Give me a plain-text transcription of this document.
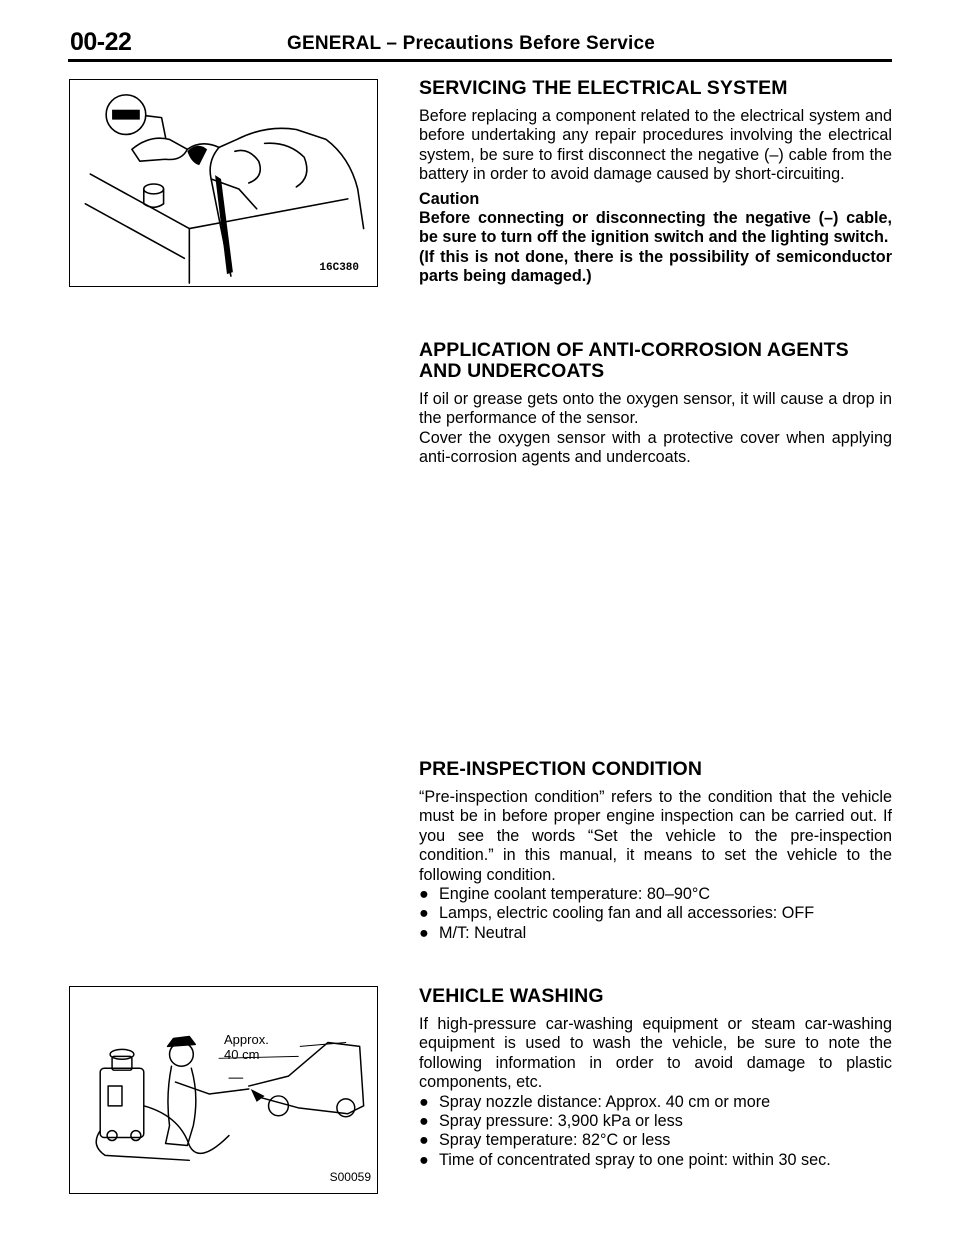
00-22	GENERAL – Precautions Before Service
16C380
Approx.
40 cm
S00059
SERVICING THE ELECTRICAL SYSTEM

Before replacing a component related to the electrical system and before undertaking any repair procedures involving the electrical system, be sure to first disconnect the negative (–) cable from the battery in order to avoid damage caused by short-circuiting.

Caution

Before connecting or disconnecting the negative (–) cable, be sure to turn off the ignition switch and the lighting switch.

(If this is not done, there is the possibility of semiconductor parts being damaged.)

APPLICATION OF ANTI-CORROSION AGENTS
AND UNDERCOATS

If oil or grease gets onto the oxygen sensor, it will cause a drop in the performance of the sensor.

Cover the oxygen sensor with a protective cover when applying anti-corrosion agents and undercoats.

PRE-INSPECTION CONDITION

“Pre-inspection condition” refers to the condition that the vehicle must be in before proper engine inspection can be carried out. If you see the words “Set the vehicle to the pre-inspection condition.” in this manual, it means to set the vehicle to the following condition.

● Engine coolant temperature: 80–90°C
● Lamps, electric cooling fan and all accessories: OFF
● M/T: Neutral
VEHICLE WASHING

If high-pressure car-washing equipment or steam car-washing equipment is used to wash the vehicle, be sure to note the following information in order to avoid damage to plastic components, etc.

● Spray nozzle distance: Approx. 40 cm or more
● Spray pressure: 3,900 kPa or less
● Spray temperature: 82°C or less
● Time of concentrated spray to one point: within 30 sec.
